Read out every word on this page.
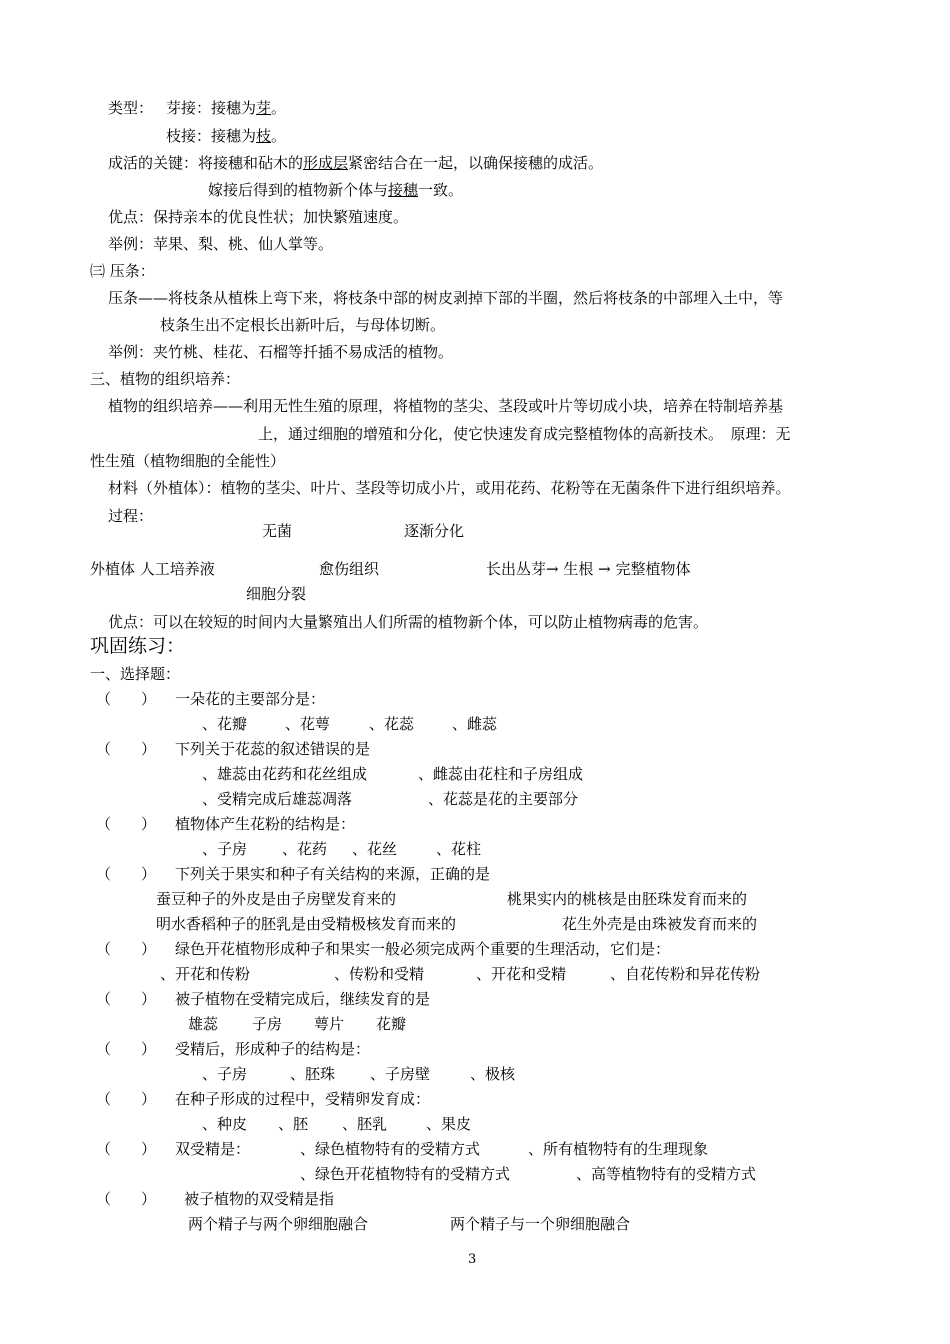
类型： 芽接：接穗为芽。
枝接：接穗为枝。
成活的关键：将接穗和砧木的形成层紧密结合在一起，以确保接穗的成活。
嫁接后得到的植物新个体与接穗一致。
优点：保持亲本的优良性状；加快繁殖速度。
举例：苹果、梨、桃、仙人掌等。
㈢ 压条：
压条——将枝条从植株上弯下来，将枝条中部的树皮剥掉下部的半圈，然后将枝条的中部埋入土中，等
枝条生出不定根长出新叶后，与母体切断。
举例：夹竹桃、桂花、石榴等扦插不易成活的植物。
三、植物的组织培养：
植物的组织培养——利用无性生殖的原理，将植物的茎尖、茎段或叶片等切成小块，培养在特制培养基
上，通过细胞的增殖和分化，使它快速发育成完整植物体的高新技术。　原理：无
性生殖（植物细胞的全能性）
材料（外植体）：植物的茎尖、叶片、茎段等切成小片，或用花药、花粉等在无菌条件下进行组织培养。
过程：
无菌	逐渐分化
外植体 人工培养液	愈伤组织	长出丛芽→ 生根 → 完整植物体
细胞分裂
优点：可以在较短的时间内大量繁殖出人们所需的植物新个体，可以防止植物病毒的危害。
巩固练习：
一、选择题：
（　　） 一朵花的主要部分是：
、花瓣	、花萼	、花蕊	、雌蕊
（　　） 下列关于花蕊的叙述错误的是
、雄蕊由花药和花丝组成	、雌蕊由花柱和子房组成
、受精完成后雄蕊凋落	、花蕊是花的主要部分
（　　） 植物体产生花粉的结构是：
、子房 、花药 、花丝	、花柱
（　　） 下列关于果实和种子有关结构的来源，正确的是
蚕豆种子的外皮是由子房壁发育来的	桃果实内的桃核是由胚珠发育而来的
明水香稻种子的胚乳是由受精极核发育而来的	花生外壳是由珠被发育而来的
（　　） 绿色开花植物形成种子和果实一般必须完成两个重要的生理活动，它们是：
、开花和传粉	、传粉和受精	、开花和受精	、自花传粉和异花传粉
（　　） 被子植物在受精完成后，继续发育的是
雄蕊 子房 萼片 花瓣
（　　） 受精后，形成种子的结构是：
、子房	、胚珠 、子房壁	、极核
（　　） 在种子形成的过程中，受精卵发育成：
、种皮 、胚 、胚乳	、果皮
（　　） 双受精是：	、绿色植物特有的受精方式	、所有植物特有的生理现象
、绿色开花植物特有的受精方式	、高等植物特有的受精方式
（　　） 被子植物的双受精是指
两个精子与两个卵细胞融合	两个精子与一个卵细胞融合
3
